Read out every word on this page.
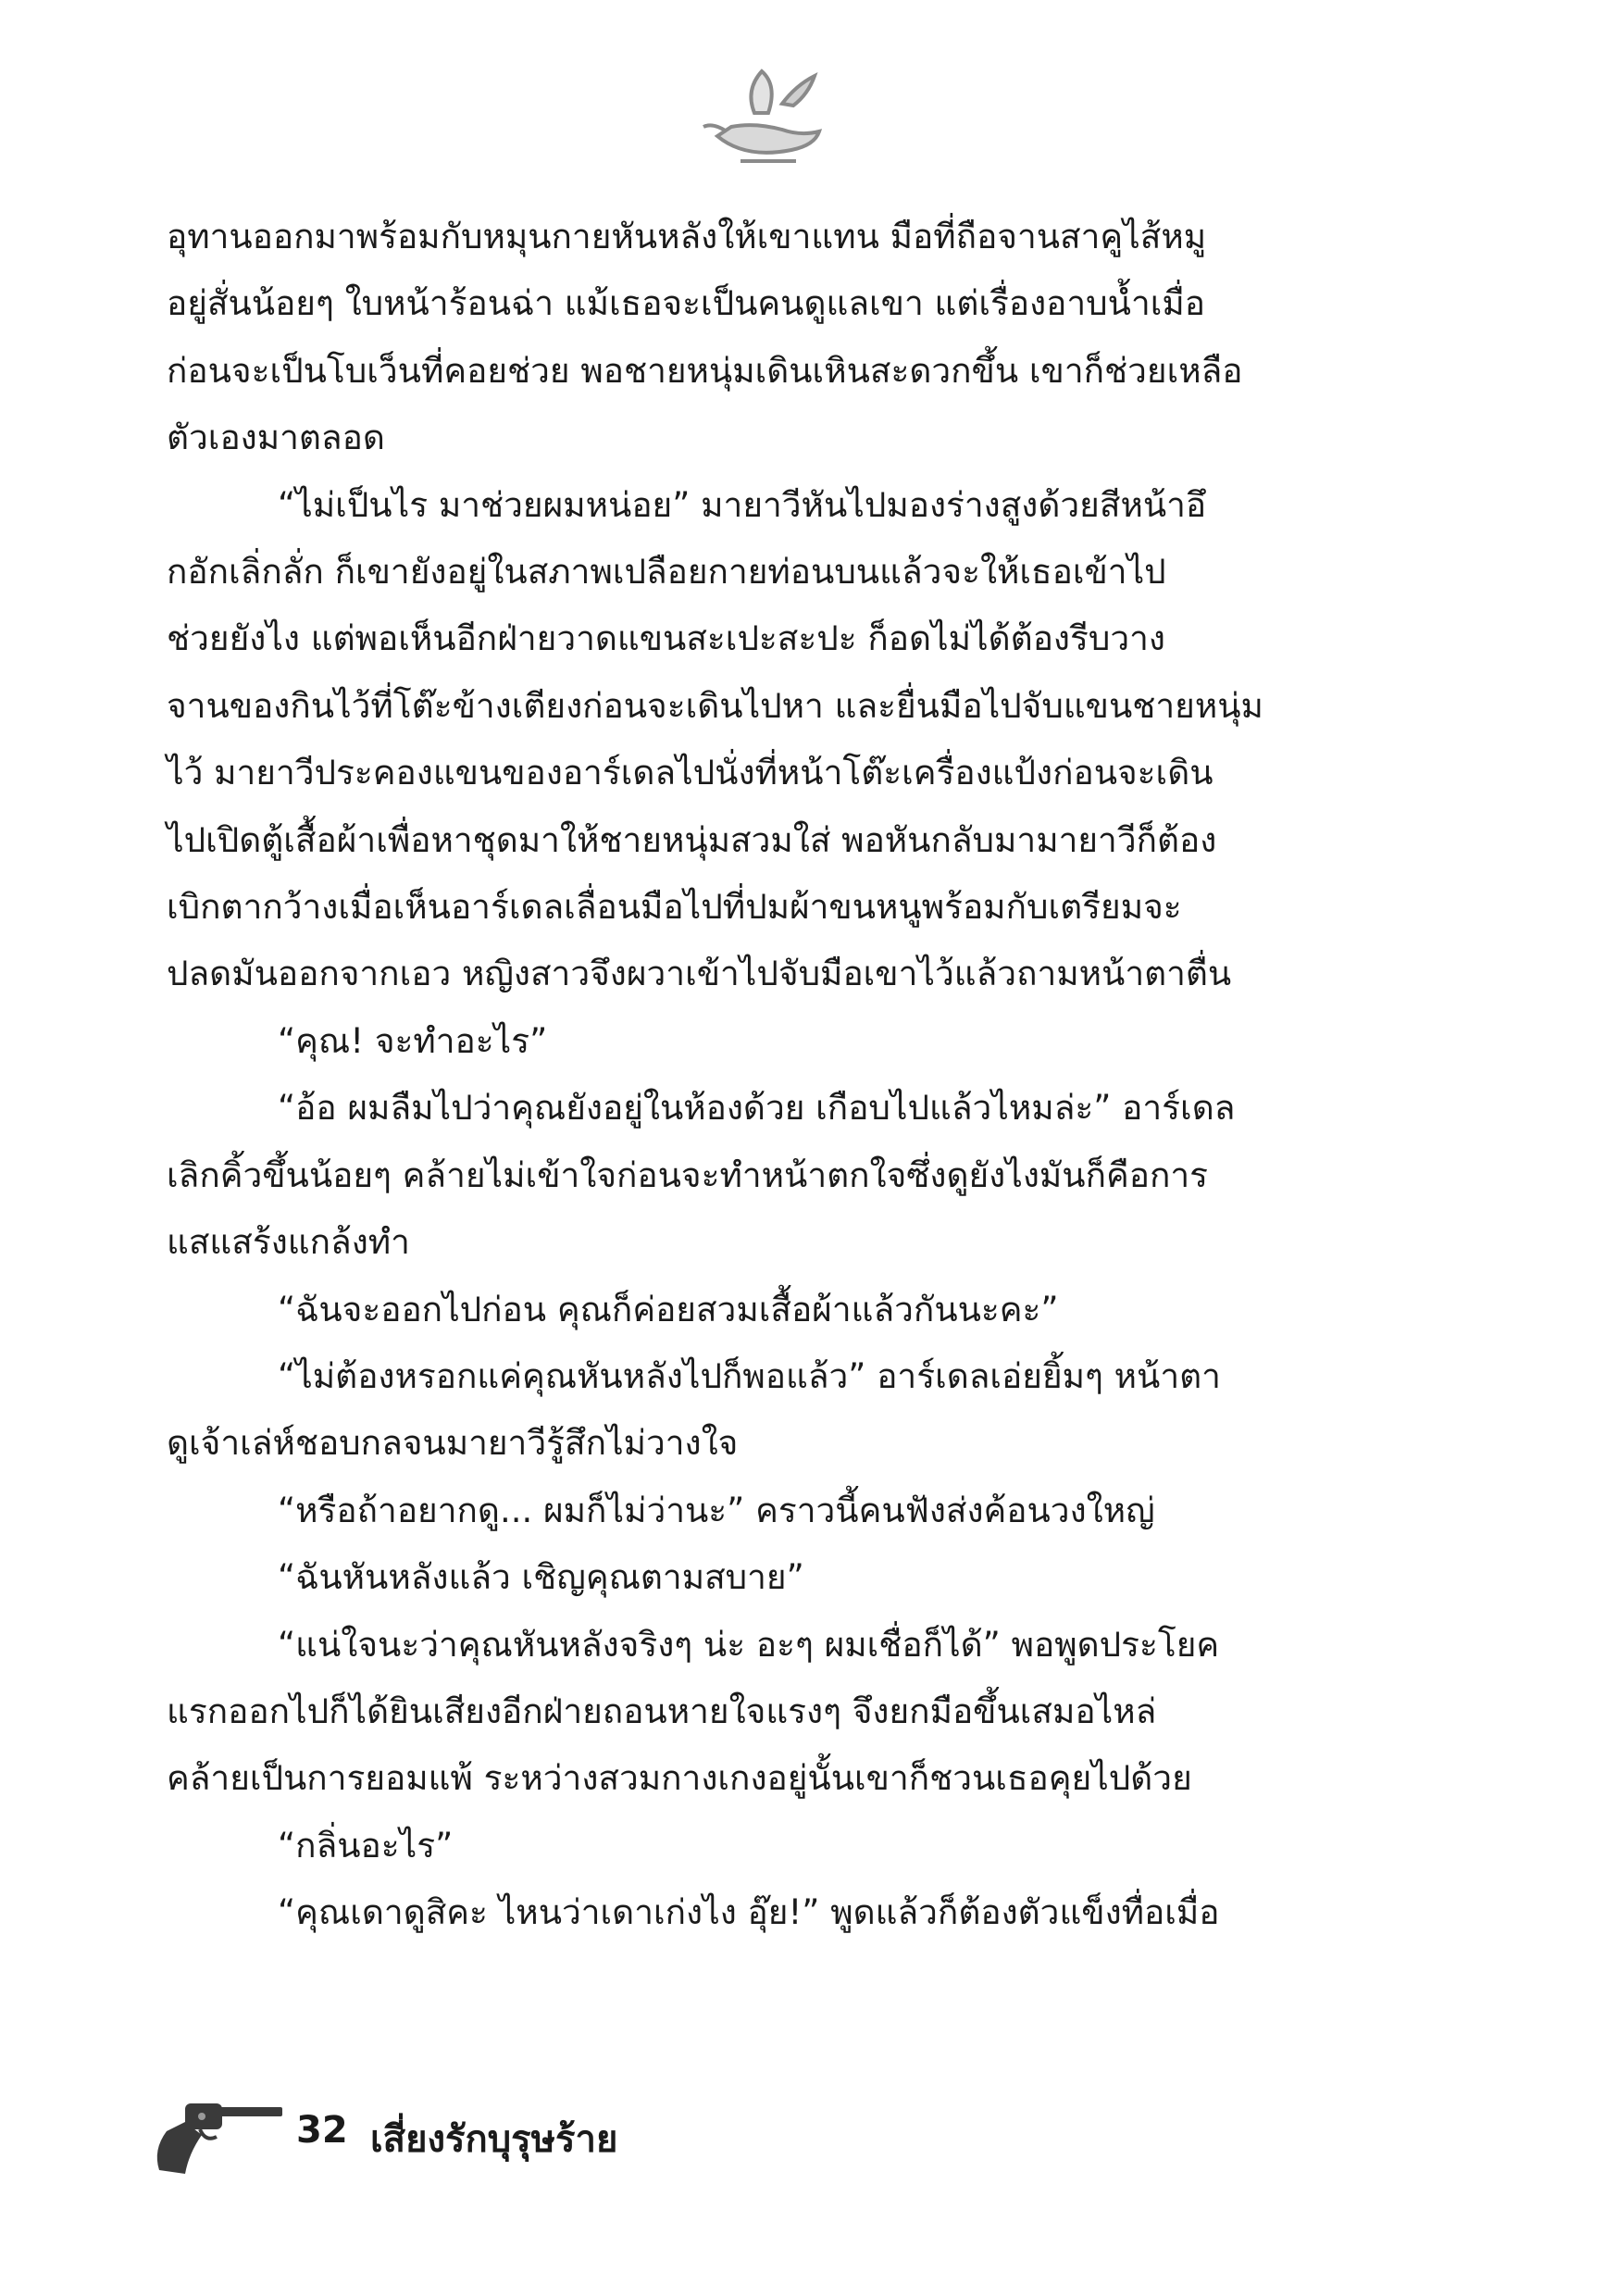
อุทานออกมาพร้อมกับหมุนกายหันหลังให้เขาแทน มือที่ถือจานสาคูไส้หมู

อยู่สั่นน้อยๆ ใบหน้าร้อนฉ่า แม้เธอจะเป็นคนดูแลเขา แต่เรื่องอาบน้ำเมื่อ

ก่อนจะเป็นโบเว็นที่คอยช่วย พอชายหนุ่มเดินเหินสะดวกขึ้น เขาก็ช่วยเหลือ

ตัวเองมาตลอด

“ไม่เป็นไร มาช่วยผมหน่อย” มายาวีหันไปมองร่างสูงด้วยสีหน้าอึ

กอักเลิ่กลั่ก ก็เขายังอยู่ในสภาพเปลือยกายท่อนบนแล้วจะให้เธอเข้าไป

ช่วยยังไง แต่พอเห็นอีกฝ่ายวาดแขนสะเปะสะปะ ก็อดไม่ได้ต้องรีบวาง

จานของกินไว้ที่โต๊ะข้างเตียงก่อนจะเดินไปหา และยื่นมือไปจับแขนชายหนุ่ม

ไว้ มายาวีประคองแขนของอาร์เดลไปนั่งที่หน้าโต๊ะเครื่องแป้งก่อนจะเดิน

ไปเปิดตู้เสื้อผ้าเพื่อหาชุดมาให้ชายหนุ่มสวมใส่ พอหันกลับมามายาวีก็ต้อง

เบิกตากว้างเมื่อเห็นอาร์เดลเลื่อนมือไปที่ปมผ้าขนหนูพร้อมกับเตรียมจะ

ปลดมันออกจากเอว หญิงสาวจึงผวาเข้าไปจับมือเขาไว้แล้วถามหน้าตาตื่น

“คุณ! จะทำอะไร”

“อ้อ ผมลืมไปว่าคุณยังอยู่ในห้องด้วย เกือบไปแล้วไหมล่ะ” อาร์เดล

เลิกคิ้วขึ้นน้อยๆ คล้ายไม่เข้าใจก่อนจะทำหน้าตกใจซึ่งดูยังไงมันก็คือการ

แสแสร้งแกล้งทำ

“ฉันจะออกไปก่อน คุณก็ค่อยสวมเสื้อผ้าแล้วกันนะคะ”

“ไม่ต้องหรอกแค่คุณหันหลังไปก็พอแล้ว” อาร์เดลเอ่ยยิ้มๆ หน้าตา

ดูเจ้าเล่ห์ชอบกลจนมายาวีรู้สึกไม่วางใจ

“หรือถ้าอยากดู... ผมก็ไม่ว่านะ” คราวนี้คนฟังส่งค้อนวงใหญ่

“ฉันหันหลังแล้ว เชิญคุณตามสบาย”

“แน่ใจนะว่าคุณหันหลังจริงๆ น่ะ อะๆ ผมเชื่อก็ได้” พอพูดประโยค

แรกออกไปก็ได้ยินเสียงอีกฝ่ายถอนหายใจแรงๆ จึงยกมือขึ้นเสมอไหล่

คล้ายเป็นการยอมแพ้ ระหว่างสวมกางเกงอยู่นั้นเขาก็ชวนเธอคุยไปด้วย

“กลิ่นอะไร”

“คุณเดาดูสิคะ ไหนว่าเดาเก่งไง อุ๊ย!” พูดแล้วก็ต้องตัวแข็งทื่อเมื่อ

32 เสี่ยงรักบุรุษร้าย
